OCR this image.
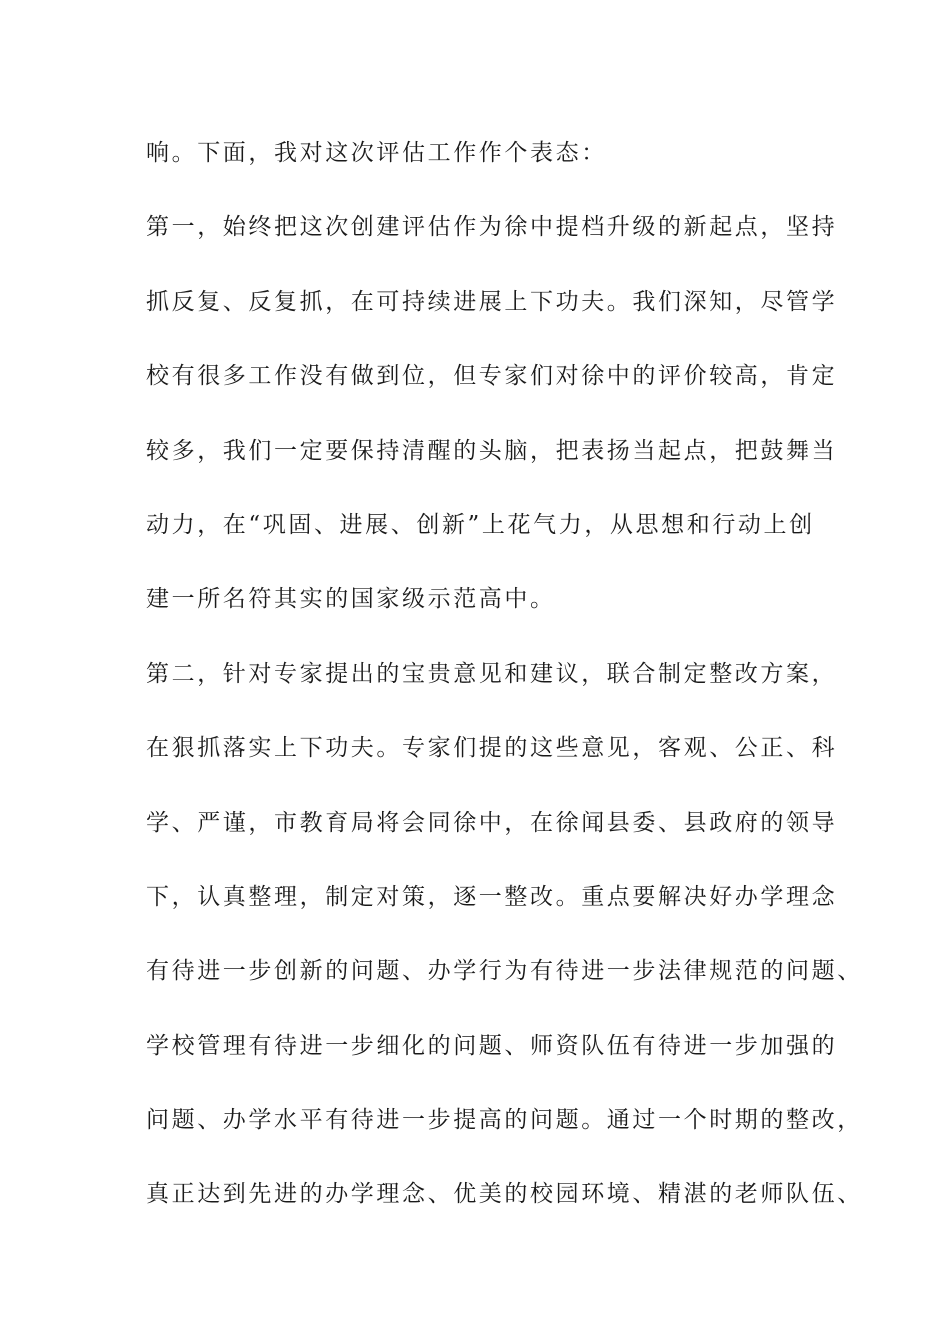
响。下面，我对这次评估工作作个表态：
第一，始终把这次创建评估作为徐中提档升级的新起点，坚持
抓反复、反复抓，在可持续进展上下功夫。我们深知，尽管学
校有很多工作没有做到位，但专家们对徐中的评价较高，肯定
较多，我们一定要保持清醒的头脑，把表扬当起点，把鼓舞当
动力，在“巩固、进展、创新”上花气力，从思想和行动上创
建一所名符其实的国家级示范高中。
第二，针对专家提出的宝贵意见和建议，联合制定整改方案，
在狠抓落实上下功夫。专家们提的这些意见，客观、公正、科
学、严谨，市教育局将会同徐中，在徐闻县委、县政府的领导
下，认真整理，制定对策，逐一整改。重点要解决好办学理念
有待进一步创新的问题、办学行为有待进一步法律规范的问题、
学校管理有待进一步细化的问题、师资队伍有待进一步加强的
问题、办学水平有待进一步提高的问题。通过一个时期的整改，
真正达到先进的办学理念、优美的校园环境、精湛的老师队伍、
